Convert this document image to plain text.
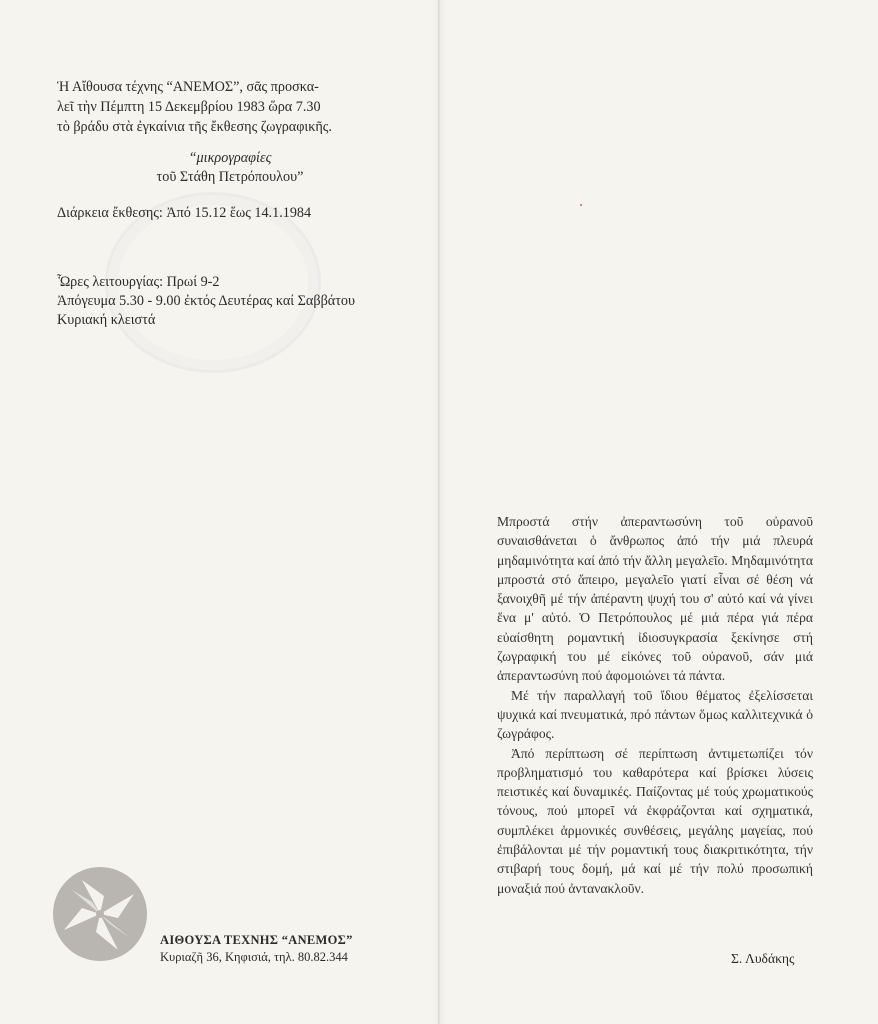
Ἡ Αἴθουσα τέχνης “ΑΝΕΜΟΣ”, σᾶς προσκα-

λεῖ τὴν Πέμπτη 15 Δεκεμβρίου 1983 ὥρα 7.30

τὸ βράδυ στὰ ἐγκαίνια τῆς ἔκθεσης ζωγραφικῆς.

“μικρογραφίες

τοῦ Στάθη Πετρόπουλου”

Διάρκεια ἔκθεσης: Ἀπό 15.12 ἕως 14.1.1984

Ὧρες λειτουργίας: Πρωί 9-2

Ἀπόγευμα 5.30 - 9.00 ἐκτός Δευτέρας καί Σαββάτου

Κυριακή κλειστά

ΑΙΘΟΥΣΑ ΤΕΧΝΗΣ “ΑΝΕΜΟΣ”
Κυριαζῆ 36, Κηφισιά, τηλ. 80.82.344

Μπροστά στήν ἀπεραντωσύνη τοῦ οὐρανοῦ συναισθάνεται ὁ ἄνθρωπος ἀπό τήν μιά πλευρά μηδαμινότητα καί ἀπό τήν ἄλλη μεγαλεῖο. Μηδαμινότητα μπροστά στό ἄπειρο, μεγαλεῖο γιατί εἶναι σέ θέση νά ξανοιχθῆ μέ τήν ἀπέραντη ψυχή του σ' αὐτό καί νά γίνει ἕνα μ' αὐτό. Ὁ Πετρόπουλος μέ μιά πέρα γιά πέρα εὐαίσθητη ρομαντική ἰδιοσυγκρασία ξεκίνησε στή ζωγραφική του μέ εἰκόνες τοῦ οὐρανοῦ, σάν μιά ἀπεραντωσύνη πού ἀφομοιώνει τά πάντα.

Μέ τήν παραλλαγή τοῦ ἴδιου θέματος ἐξελίσσεται ψυχικά καί πνευματικά, πρό πάντων ὅμως καλλιτεχνικά ὁ ζωγράφος.

Ἀπό περίπτωση σέ περίπτωση ἀντιμετωπίζει τόν προβληματισμό του καθαρότερα καί βρίσκει λύσεις πειστικές καί δυναμικές. Παίζοντας μέ τούς χρωματικούς τόνους, πού μπορεῖ νά ἐκφράζονται καί σχηματικά, συμπλέκει ἁρμονικές συνθέσεις, μεγάλης μαγείας, πού ἐπιβάλονται μέ τήν ρομαντική τους διακριτικότητα, τήν στιβαρή τους δομή, μά καί μέ τήν πολύ προσωπική μοναξιά πού ἀντανακλοῦν.

Σ. Λυδάκης
